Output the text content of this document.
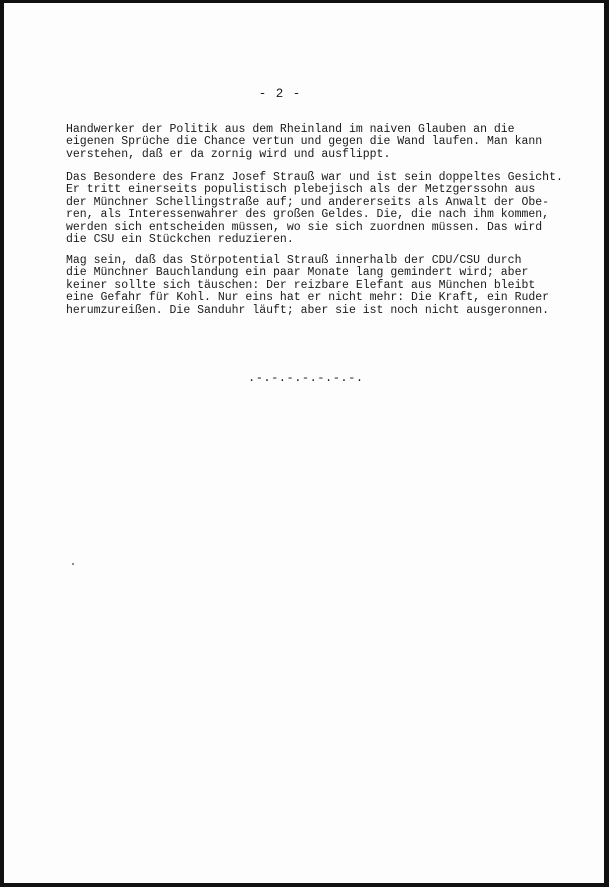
- 2 -

Handwerker der Politik aus dem Rheinland im naiven Glauben an die
eigenen Sprüche die Chance vertun und gegen die Wand laufen. Man kann
verstehen, daß er da zornig wird und ausflippt.

Das Besondere des Franz Josef Strauß war und ist sein doppeltes Gesicht.
Er tritt einerseits populistisch plebejisch als der Metzgerssohn aus
der Münchner Schellingstraße auf; und andererseits als Anwalt der Obe-
ren, als Interessenwahrer des großen Geldes. Die, die nach ihm kommen,
werden sich entscheiden müssen, wo sie sich zuordnen müssen. Das wird
die CSU ein Stückchen reduzieren.

Mag sein, daß das Störpotential Strauß innerhalb der CDU/CSU durch
die Münchner Bauchlandung ein paar Monate lang gemindert wird; aber
keiner sollte sich täuschen: Der reizbare Elefant aus München bleibt
eine Gefahr für Kohl. Nur eins hat er nicht mehr: Die Kraft, ein Ruder
herumzureißen. Die Sanduhr läuft; aber sie ist noch nicht ausgeronnen.

.-.-.-.-.-.-.-.
